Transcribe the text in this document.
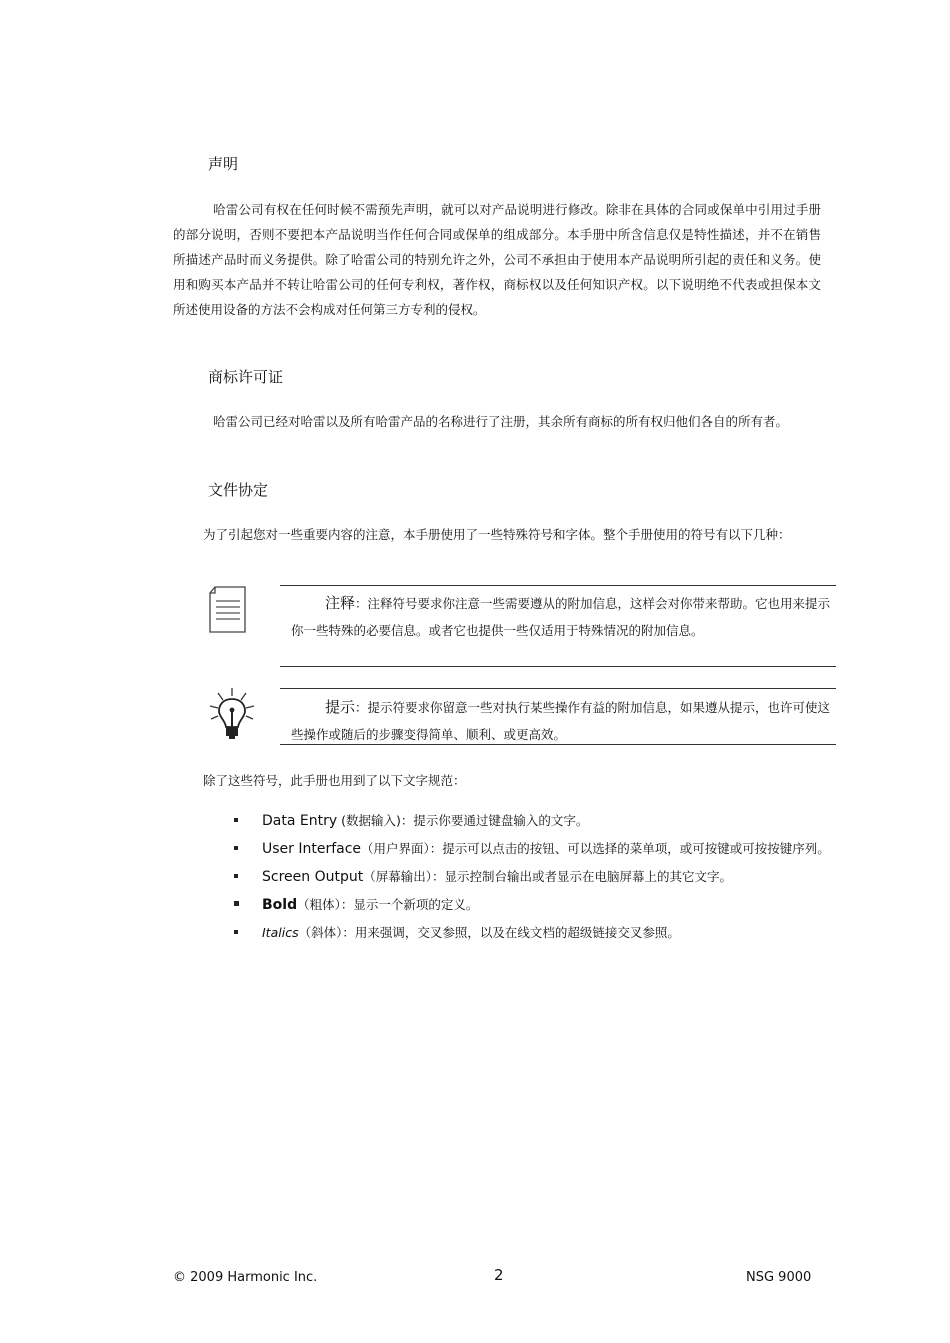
声明
哈雷公司有权在任何时候不需预先声明，就可以对产品说明进行修改。除非在具体的合同或保单中引用过手册的部分说明，否则不要把本产品说明当作任何合同或保单的组成部分。本手册中所含信息仅是特性描述，并不在销售所描述产品时而义务提供。除了哈雷公司的特别允许之外，公司不承担由于使用本产品说明所引起的责任和义务。使用和购买本产品并不转让哈雷公司的任何专利权，著作权，商标权以及任何知识产权。以下说明绝不代表或担保本文所述使用设备的方法不会构成对任何第三方专利的侵权。
商标许可证
哈雷公司已经对哈雷以及所有哈雷产品的名称进行了注册，其余所有商标的所有权归他们各自的所有者。
文件协定
为了引起您对一些重要内容的注意，本手册使用了一些特殊符号和字体。整个手册使用的符号有以下几种：
注释：注释符号要求你注意一些需要遵从的附加信息，这样会对你带来帮助。它也用来提示你一些特殊的必要信息。或者它也提供一些仅适用于特殊情况的附加信息。
提示：提示符要求你留意一些对执行某些操作有益的附加信息，如果遵从提示，也许可使这些操作或随后的步骤变得简单、顺利、或更高效。
除了这些符号，此手册也用到了以下文字规范：
Data Entry (数据输入)：提示你要通过键盘输入的文字。
User Interface（用户界面）：提示可以点击的按钮、可以选择的菜单项，或可按键或可按按键序列。
Screen Output（屏幕输出）：显示控制台输出或者显示在电脑屏幕上的其它文字。
Bold（粗体）：显示一个新项的定义。
Italics（斜体）：用来强调，交叉参照，以及在线文档的超级链接交叉参照。
© 2009 Harmonic Inc.	2	NSG 9000
